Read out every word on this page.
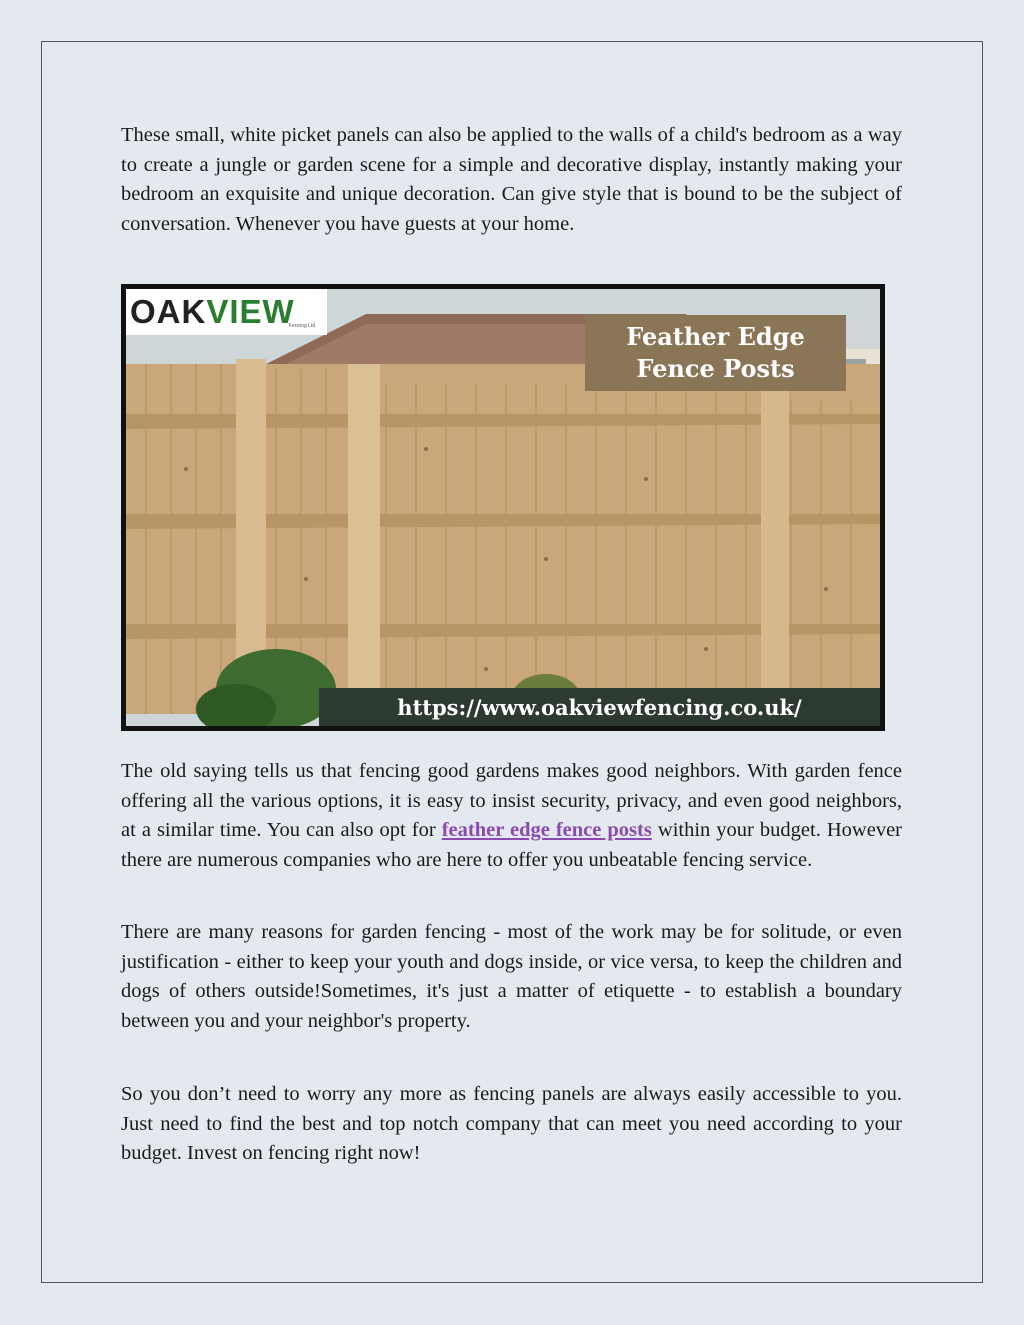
These small, white picket panels can also be applied to the walls of a child's bedroom as a way to create a jungle or garden scene for a simple and decorative display, instantly making your bedroom an exquisite and unique decoration. Can give style that is bound to be the subject of conversation. Whenever you have guests at your home.

OAK VIEW
Fencing Ltd	Feather Edge
Fence Posts
https://www.oakviewfencing.co.uk/

The old saying tells us that fencing good gardens makes good neighbors. With garden fence offering all the various options, it is easy to insist security, privacy, and even good neighbors, at a similar time. You can also opt for feather edge fence posts within your budget. However there are numerous companies who are here to offer you unbeatable fencing service.

There are many reasons for garden fencing - most of the work may be for solitude, or even justification - either to keep your youth and dogs inside, or vice versa, to keep the children and dogs of others outside!Sometimes, it's just a matter of etiquette - to establish a boundary between you and your neighbor's property.

So you don’t need to worry any more as fencing panels are always easily accessible to you. Just need to find the best and top notch company that can meet you need according to your budget. Invest on fencing right now!
